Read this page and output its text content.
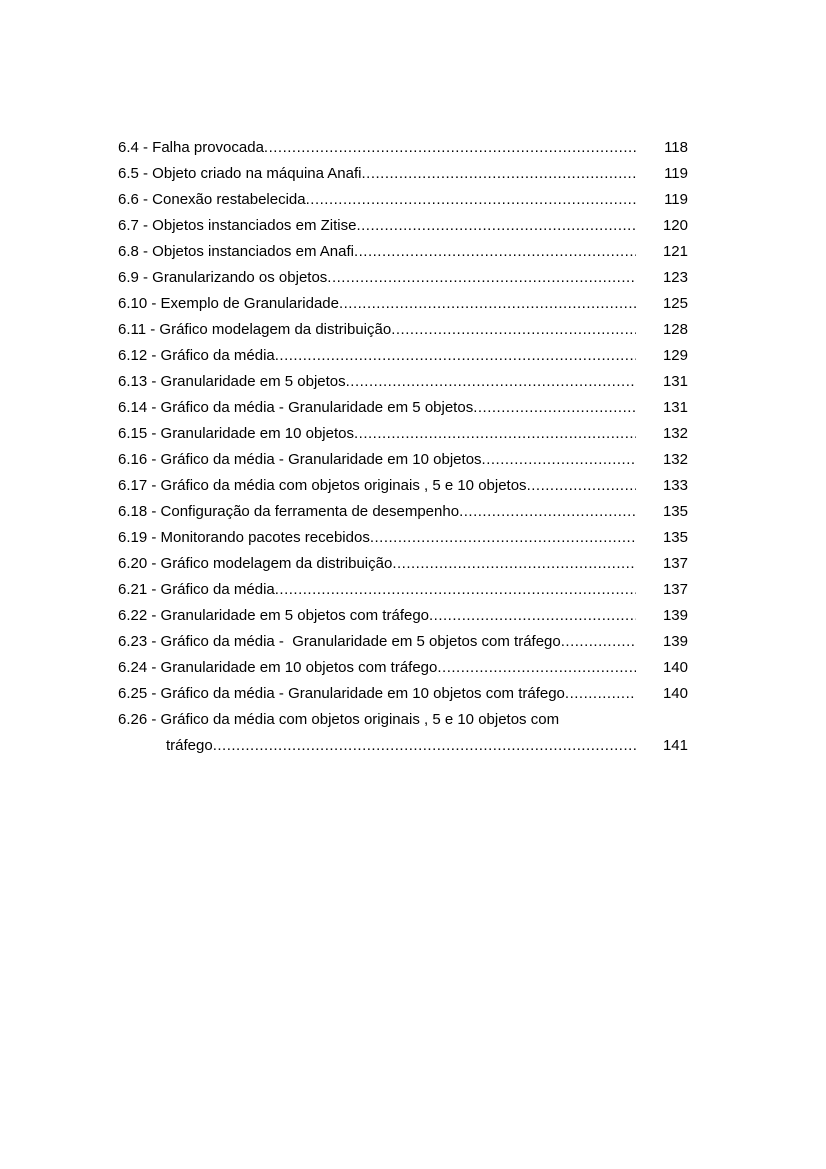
6.4 - Falha provocada .....	118
6.5 - Objeto criado na máquina Anafi .....	119
6.6 - Conexão restabelecida .....	119
6.7 - Objetos instanciados em Zitise .....	120
6.8 - Objetos instanciados em Anafi .....	121
6.9 - Granularizando os objetos .....	123
6.10 - Exemplo de Granularidade .....	125
6.11 - Gráfico modelagem da distribuição .....	128
6.12 - Gráfico da média .....	129
6.13 - Granularidade em 5 objetos .....	131
6.14 - Gráfico da média - Granularidade em 5 objetos .....	131
6.15 - Granularidade em 10 objetos .....	132
6.16 - Gráfico da média - Granularidade em 10 objetos .....	132
6.17 - Gráfico da média com objetos originais , 5 e 10 objetos .....	133
6.18 - Configuração da ferramenta de desempenho .....	135
6.19 - Monitorando pacotes recebidos .....	135
6.20 - Gráfico modelagem da distribuição .....	137
6.21 - Gráfico da média .....	137
6.22 - Granularidade em 5 objetos com tráfego .....	139
6.23 - Gráfico da média -  Granularidade em 5 objetos com tráfego .....	139
6.24 - Granularidade em 10 objetos com tráfego .....	140
6.25 - Gráfico da média - Granularidade em 10 objetos com tráfego .....	140
6.26 - Gráfico da média com objetos originais , 5 e 10 objetos com
tráfego .....	141
